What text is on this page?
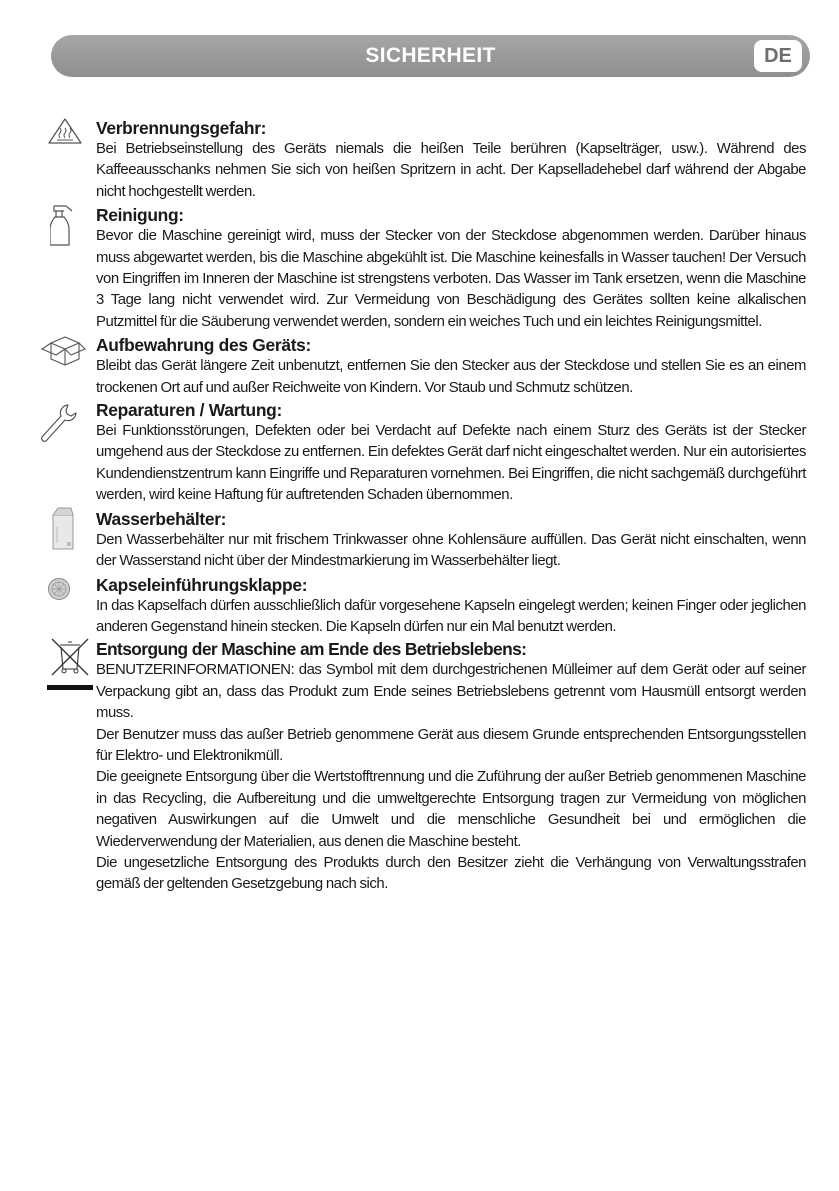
SICHERHEIT	DE
Verbrennungsgefahr:

Bei Betriebseinstellung des Geräts niemals die heißen Teile berühren (Kapselträger, usw.). Während des Kaffeeausschanks nehmen Sie sich von heißen Spritzern in acht. Der Kapselladehebel darf während der Abgabe nicht hochgestellt werden.

Reinigung:

Bevor die Maschine gereinigt wird, muss der Stecker von der Steckdose abgenommen werden. Darüber hinaus muss abgewartet werden, bis die Maschine abgekühlt ist. Die Maschine keinesfalls in Wasser tauchen! Der Versuch von Eingriffen im Inneren der Maschine ist strengstens verboten. Das Wasser im Tank ersetzen, wenn die Maschine 3 Tage lang nicht verwendet wird. Zur Vermeidung von Beschädigung des Gerätes sollten keine alkalischen Putzmittel für die Säuberung verwendet werden, sondern ein weiches Tuch und ein leichtes Reinigungsmittel.

Aufbewahrung des Geräts:

Bleibt das Gerät längere Zeit unbenutzt, entfernen Sie den Stecker aus der Steckdose und stellen Sie es an einem trockenen Ort auf und außer Reichweite von Kindern. Vor Staub und Schmutz schützen.

Reparaturen / Wartung:

Bei Funktionsstörungen, Defekten oder bei Verdacht auf Defekte nach einem Sturz des Geräts ist der Stecker umgehend aus der Steckdose zu entfernen. Ein defektes Gerät darf nicht eingeschaltet werden. Nur ein autorisiertes Kundendienstzentrum kann Eingriffe und Reparaturen vornehmen. Bei Eingriffen, die nicht sachgemäß durchgeführt werden, wird keine Haftung für auftretenden Schaden übernommen.

Wasserbehälter:

Den Wasserbehälter nur mit frischem Trinkwasser ohne Kohlensäure auffüllen. Das Gerät nicht einschalten, wenn der Wasserstand nicht über der Mindestmarkierung im Wasserbehälter liegt.

Kapseleinführungsklappe:

In das Kapselfach dürfen ausschließlich dafür vorgesehene Kapseln eingelegt werden; keinen Finger oder jeglichen anderen Gegenstand hinein stecken. Die Kapseln dürfen nur ein Mal benutzt werden.

Entsorgung der Maschine am Ende des Betriebslebens:

BENUTZERINFORMATIONEN: das Symbol mit dem durchgestrichenen Mülleimer auf dem Gerät oder auf seiner Verpackung gibt an, dass das Produkt zum Ende seines Betriebslebens getrennt vom Hausmüll entsorgt werden muss.

Der Benutzer muss das außer Betrieb genommene Gerät aus diesem Grunde entsprechenden Entsorgungsstellen für Elektro- und Elektronikmüll.

Die geeignete Entsorgung über die Wertstofftrennung und die Zuführung der außer Betrieb genommenen Maschine in das Recycling, die Aufbereitung und die umweltgerechte Entsorgung tragen zur Vermeidung von möglichen negativen Auswirkungen auf die Umwelt und die menschliche Gesundheit bei und ermöglichen die Wiederverwendung der Materialien, aus denen die Maschine besteht.

Die ungesetzliche Entsorgung des Produkts durch den Besitzer zieht die Verhängung von Verwaltungsstrafen gemäß der geltenden Gesetzgebung nach sich.
